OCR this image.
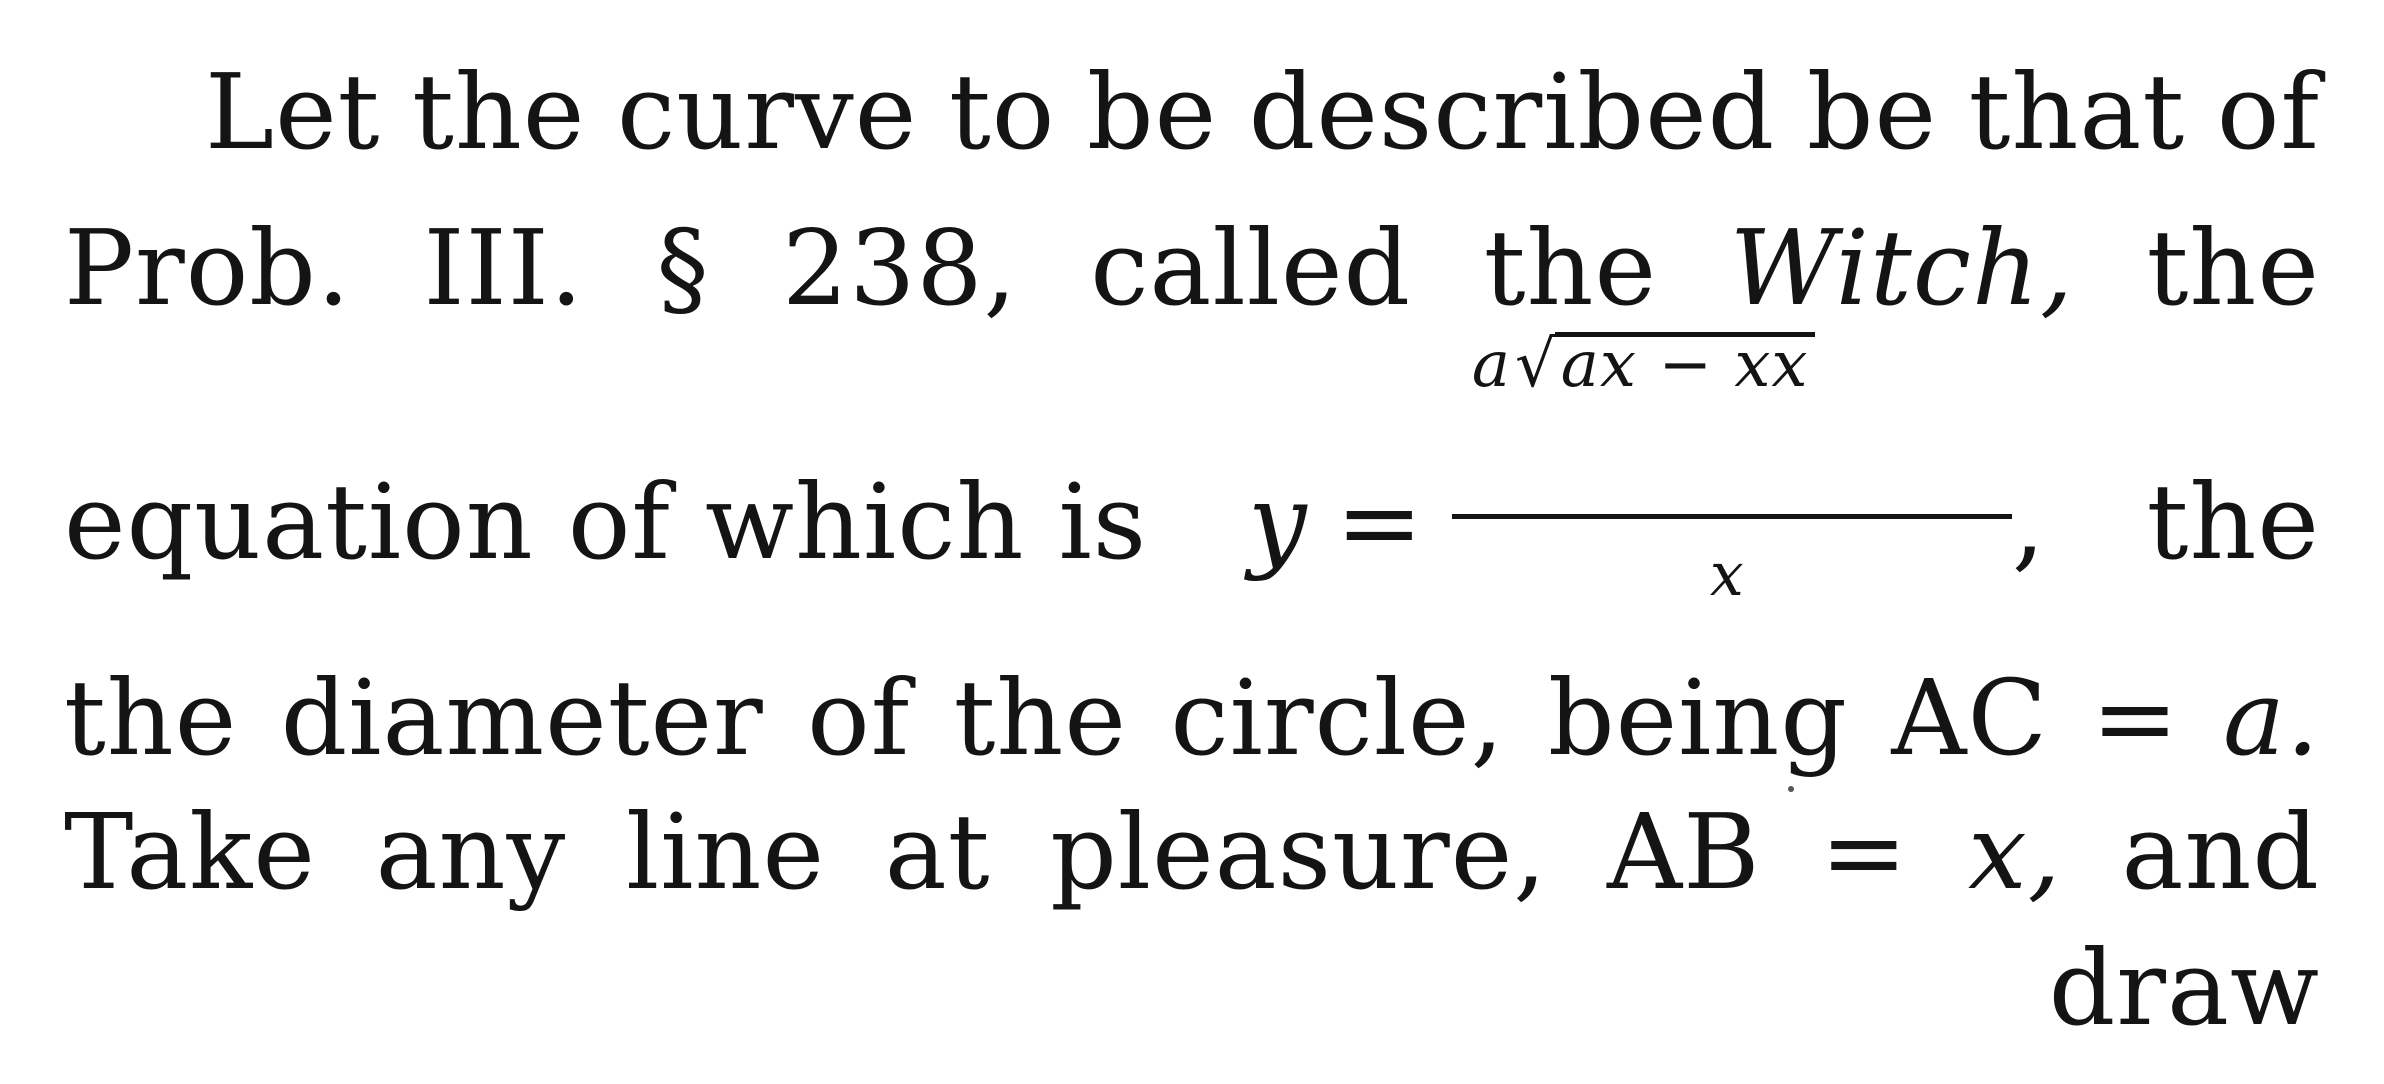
Let the curve to be described be that of
Prob. III. § 238, called the Witch, the
equation of which is y =
a√ax − xx
x	, the
the diameter of the circle, being AC = a.
Take any line at pleasure, AB = x, and
draw
